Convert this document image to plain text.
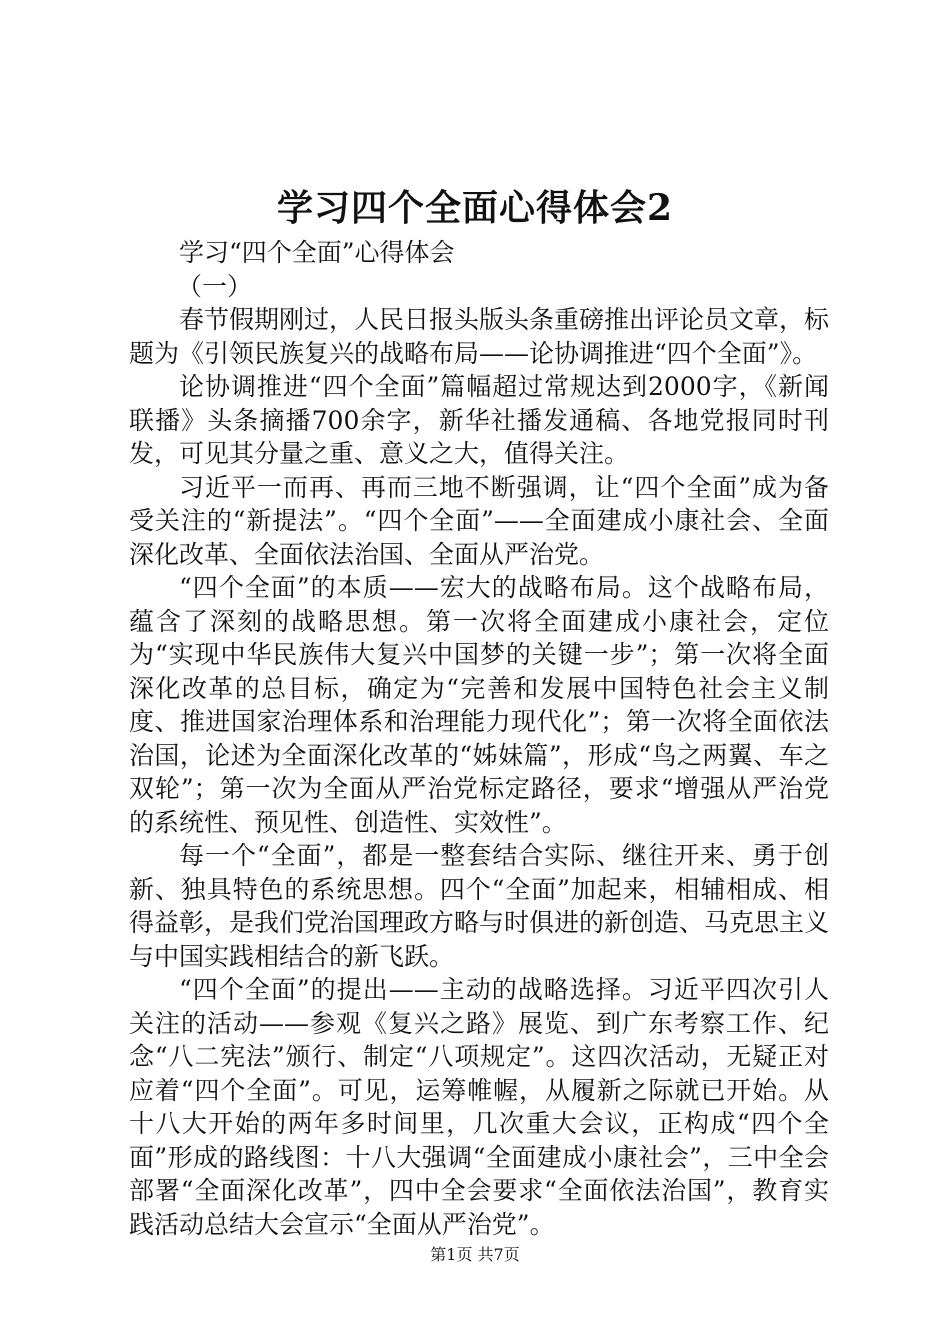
学习四个全面心得体会2

学习“四个全面”心得体会

（一）

春节假期刚过，人民日报头版头条重磅推出评论员文章，标题为《引领民族复兴的战略布局——论协调推进“四个全面”》。

论协调推进“四个全面”篇幅超过常规达到2000字，《新闻联播》头条摘播700余字，新华社播发通稿、各地党报同时刊发，可见其分量之重、意义之大，值得关注。

习近平一而再、再而三地不断强调，让“四个全面”成为备受关注的“新提法”。“四个全面”——全面建成小康社会、全面深化改革、全面依法治国、全面从严治党。

“四个全面”的本质——宏大的战略布局。这个战略布局，蕴含了深刻的战略思想。第一次将全面建成小康社会，定位为“实现中华民族伟大复兴中国梦的关键一步”；第一次将全面深化改革的总目标，确定为“完善和发展中国特色社会主义制度、推进国家治理体系和治理能力现代化”；第一次将全面依法治国，论述为全面深化改革的“姊妹篇”，形成“鸟之两翼、车之双轮”；第一次为全面从严治党标定路径，要求“增强从严治党的系统性、预见性、创造性、实效性”。

每一个“全面”，都是一整套结合实际、继往开来、勇于创新、独具特色的系统思想。四个“全面”加起来，相辅相成、相得益彰，是我们党治国理政方略与时俱进的新创造、马克思主义与中国实践相结合的新飞跃。

“四个全面”的提出——主动的战略选择。习近平四次引人关注的活动——参观《复兴之路》展览、到广东考察工作、纪念“八二宪法”颁行、制定“八项规定”。这四次活动，无疑正对应着“四个全面”。可见，运筹帷幄，从履新之际就已开始。从十八大开始的两年多时间里，几次重大会议，正构成“四个全面”形成的路线图：十八大强调“全面建成小康社会”，三中全会部署“全面深化改革”，四中全会要求“全面依法治国”，教育实践活动总结大会宣示“全面从严治党”。

第1页 共7页
